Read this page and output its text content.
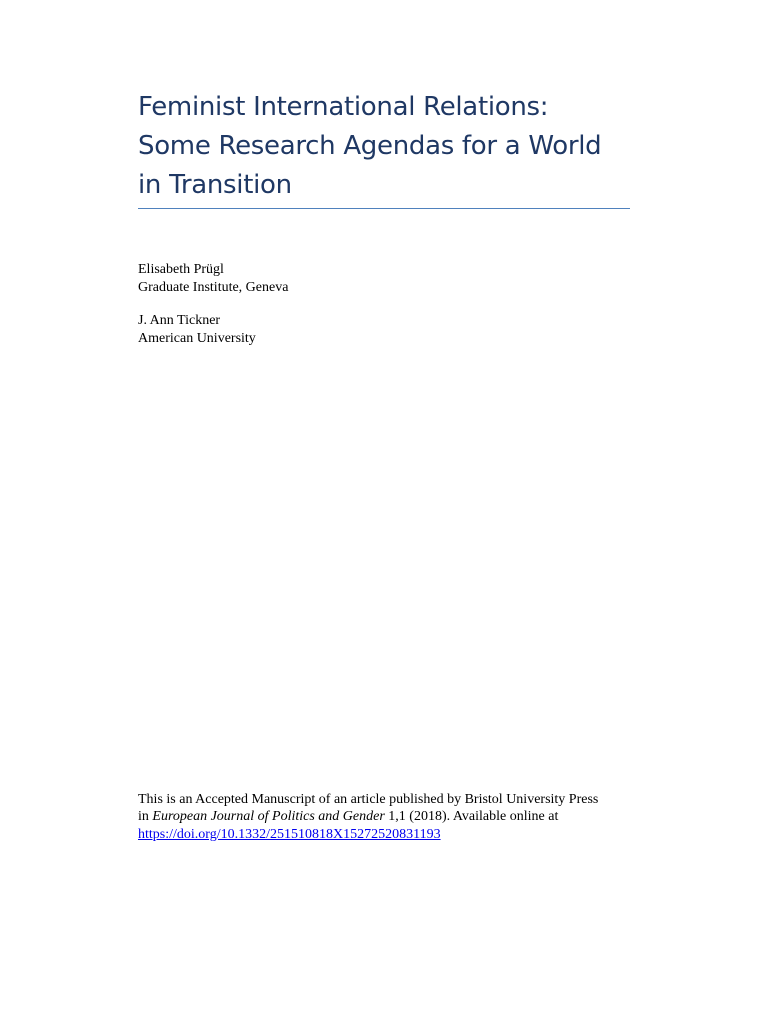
Feminist International Relations:
Some Research Agendas for a World
in Transition
Elisabeth Prügl
Graduate Institute, Geneva
J. Ann Tickner
American University
This is an Accepted Manuscript of an article published by Bristol University Press
in European Journal of Politics and Gender 1,1 (2018). Available online at
https://doi.org/10.1332/251510818X15272520831193
